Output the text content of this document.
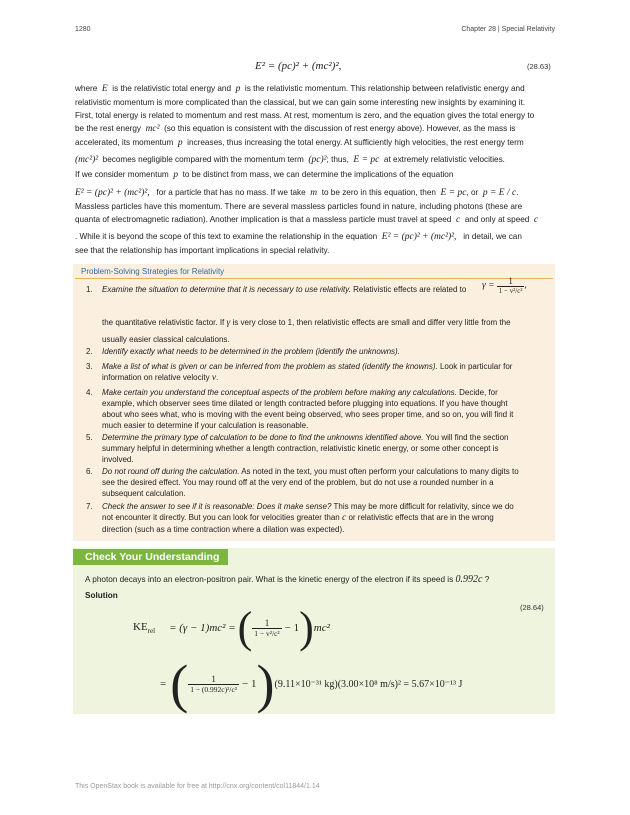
1280	Chapter 28 | Special Relativity
E² = (pc)² + (mc²)²,	(28.63)
where E is the relativistic total energy and p is the relativistic momentum. This relationship between relativistic energy and
relativistic momentum is more complicated than the classical, but we can gain some interesting new insights by examining it.
First, total energy is related to momentum and rest mass. At rest, momentum is zero, and the equation gives the total energy to
be the rest energy mc² (so this equation is consistent with the discussion of rest energy above). However, as the mass is
accelerated, its momentum p increases, thus increasing the total energy. At sufficiently high velocities, the rest energy term
(mc²)² becomes negligible compared with the momentum term (pc)²; thus, E = pc at extremely relativistic velocities.
If we consider momentum p to be distinct from mass, we can determine the implications of the equation
E² = (pc)² + (mc²)², for a particle that has no mass. If we take m to be zero in this equation, then E = pc, or p = E / c.
Massless particles have this momentum. There are several massless particles found in nature, including photons (these are
quanta of electromagnetic radiation). Another implication is that a massless particle must travel at speed c and only at speed c
. While it is beyond the scope of this text to examine the relationship in the equation E² = (pc)² + (mc²)², in detail, we can
see that the relationship has important implications in special relativity.
Problem-Solving Strategies for Relativity
1. Examine the situation to determine that it is necessary to use relativity. Relativistic effects are related to	$\gamma = \frac{1}{\text{1 − v²/c²}}$ ,
the quantitative relativistic factor. If γ is very close to 1, then relativistic effects are small and differ very little from the
usually easier classical calculations.
2. Identify exactly what needs to be determined in the problem (identify the unknowns).
3. Make a list of what is given or can be inferred from the problem as stated (identify the knowns). Look in particular for
information on relative velocity v.
4. Make certain you understand the conceptual aspects of the problem before making any calculations. Decide, for
example, which observer sees time dilated or length contracted before plugging into equations. If you have thought
about who sees what, who is moving with the event being observed, who sees proper time, and so on, you will find it
much easier to determine if your calculation is reasonable.
5. Determine the primary type of calculation to be done to find the unknowns identified above. You will find the section
summary helpful in determining whether a length contraction, relativistic kinetic energy, or some other concept is
involved.
6. Do not round off during the calculation. As noted in the text, you must often perform your calculations to many digits to
see the desired effect. You may round off at the very end of the problem, but do not use a rounded number in a
subsequent calculation.
7. Check the answer to see if it is reasonable: Does it make sense? This may be more difficult for relativity, since we do
not encounter it directly. But you can look for velocities greater than c or relativistic effects that are in the wrong
direction (such as a time contraction where a dilation was expected).
Check Your Understanding
A photon decays into an electron-positron pair. What is the kinetic energy of the electron if its speed is 0.992c ?
Solution
(28.64)
$KE_{rel} = (\gamma - 1)mc^2$ = ( $\frac{1}{\text{1 − v²/c²}} - 1$ ) mc²
= ( $\frac{1}{\text{1 − (0.992c)²/c²}} - 1$ ) (9.11×10⁻³¹ kg)(3.00×10⁸ m/s)² = 5.67×10⁻¹³ J
This OpenStax book is available for free at http://cnx.org/content/col11844/1.14
